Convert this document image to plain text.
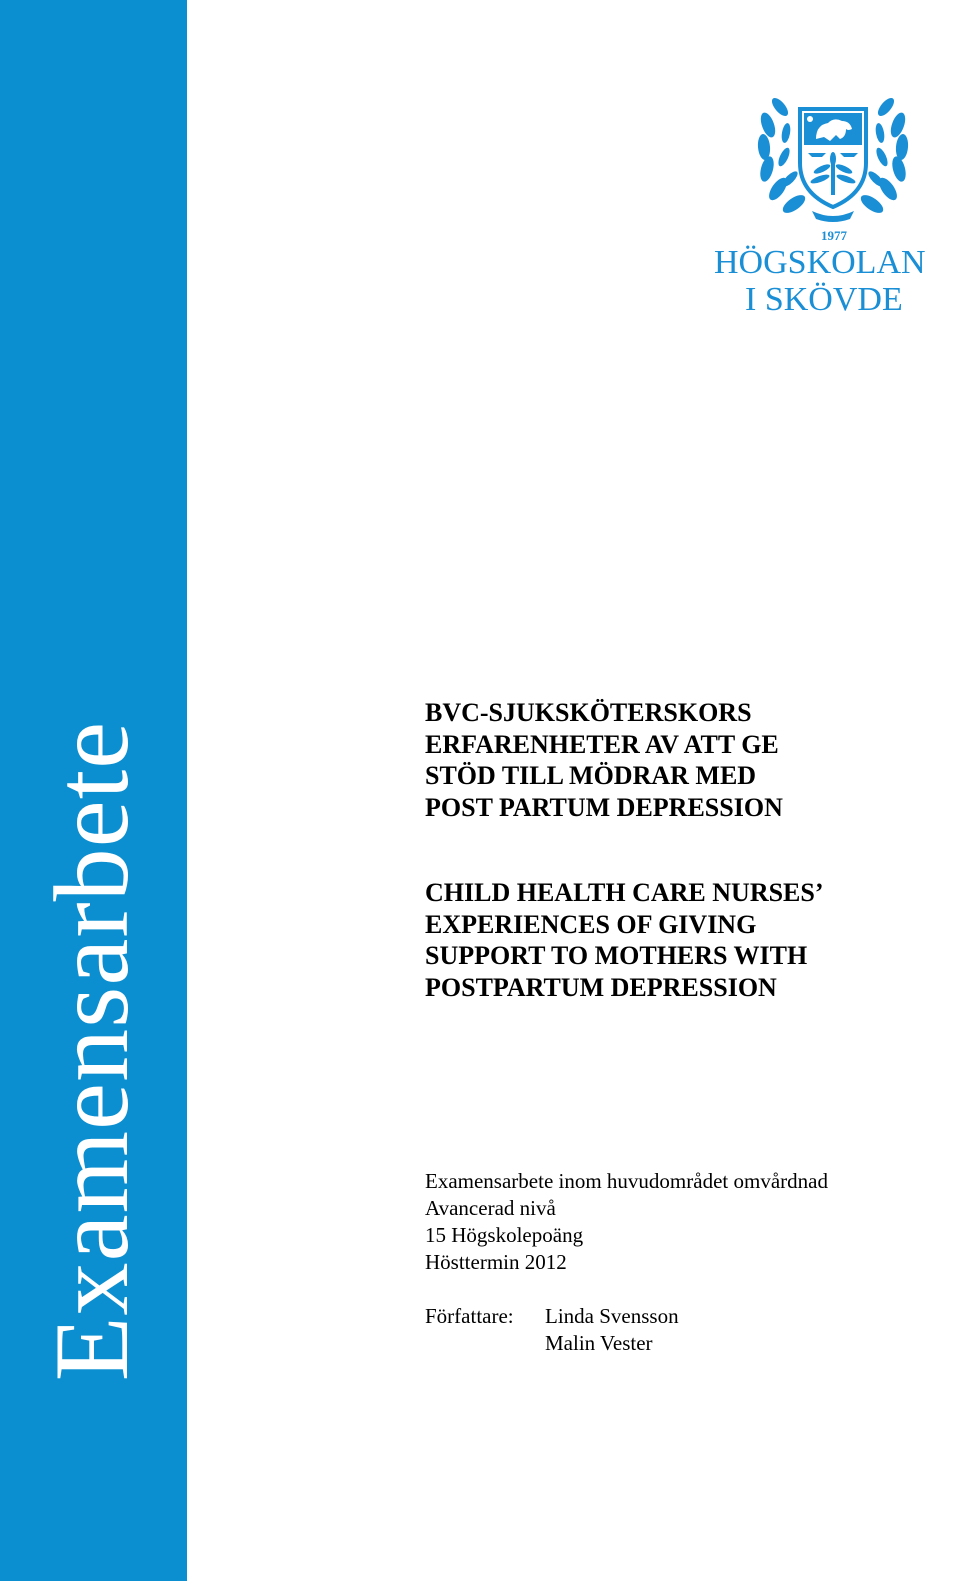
Examensarbete
1977
HÖGSKOLAN
I SKÖVDE
BVC-SJUKSKÖTERSKORS
ERFARENHETER AV ATT GE
STÖD TILL MÖDRAR MED
POST PARTUM DEPRESSION
CHILD HEALTH CARE NURSES’
EXPERIENCES OF GIVING
SUPPORT TO MOTHERS WITH
POSTPARTUM DEPRESSION
Examensarbete inom huvudområdet omvårdnad
Avancerad nivå
15 Högskolepoäng
Hösttermin 2012
Författare: Linda Svensson
Malin Vester
